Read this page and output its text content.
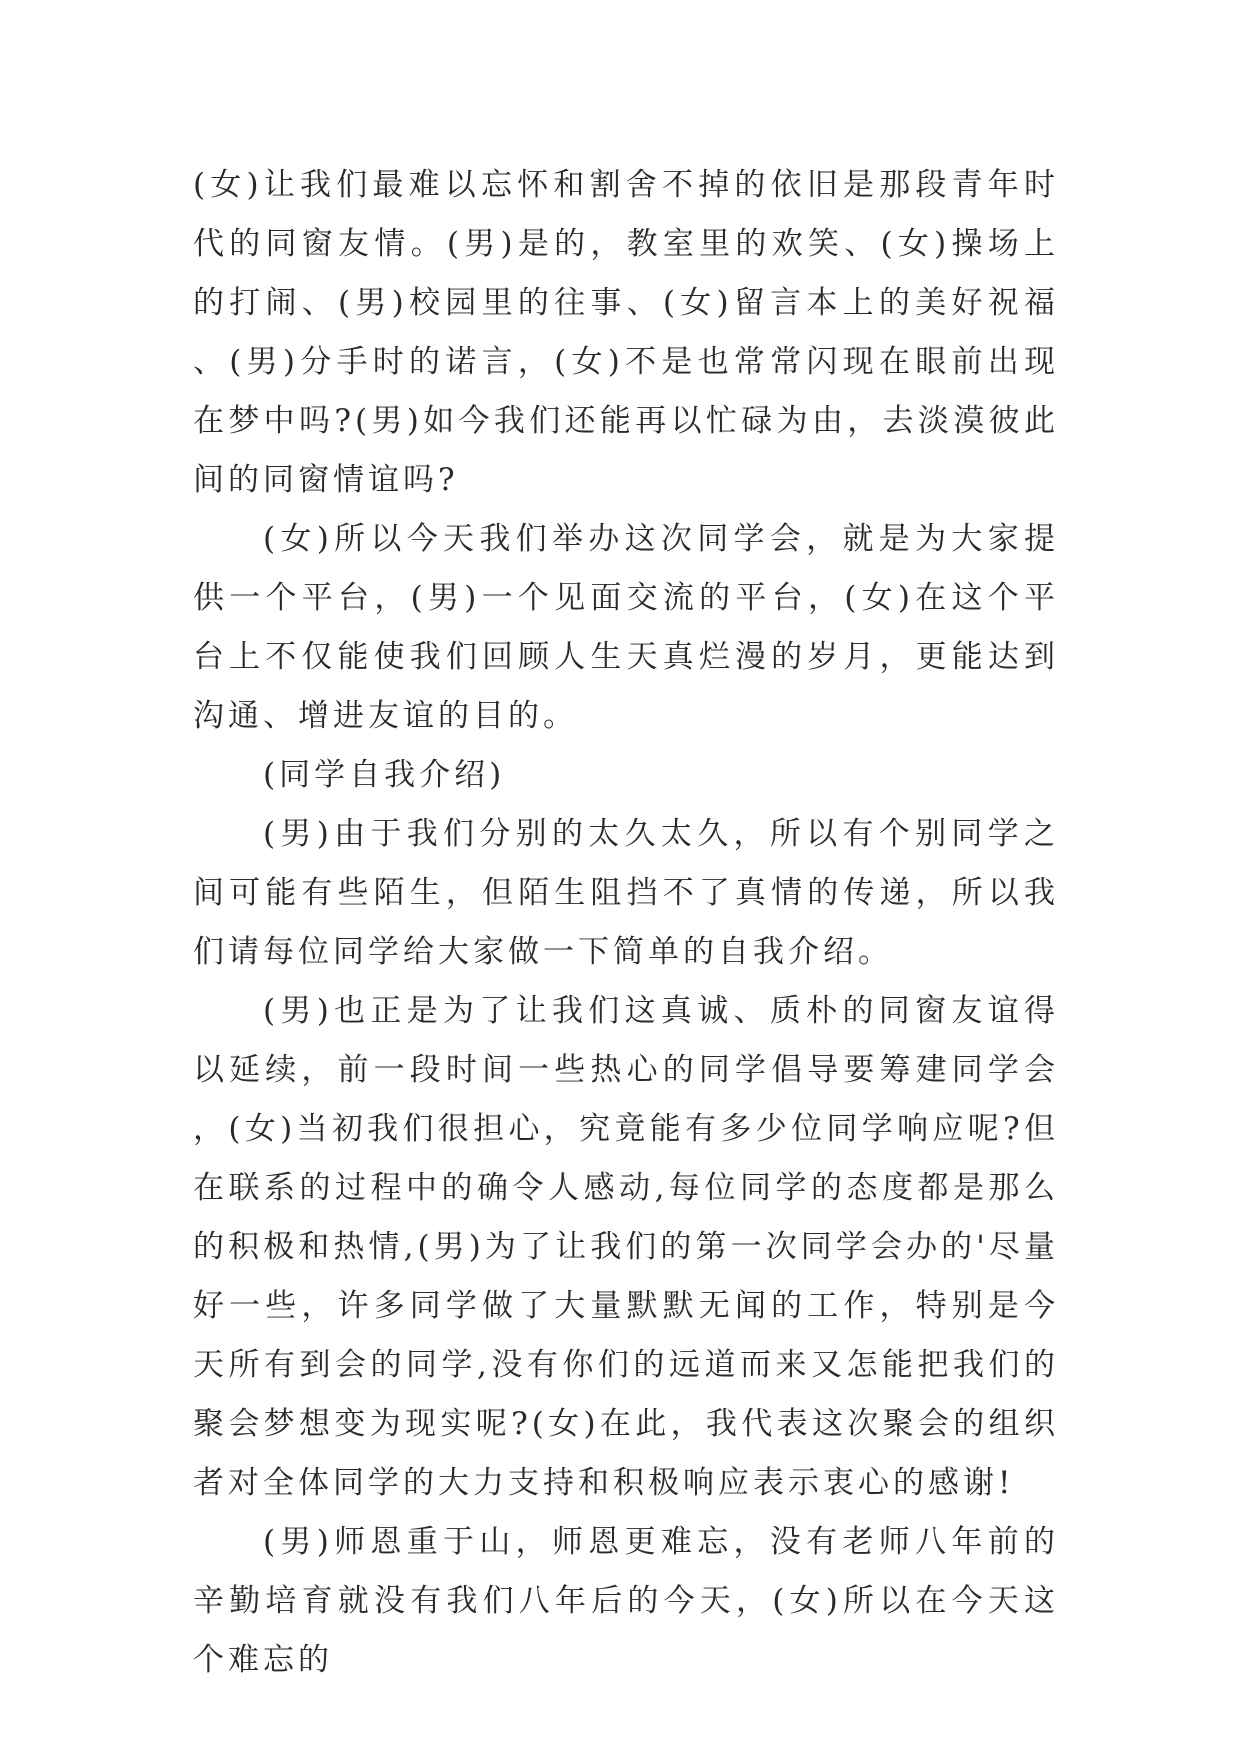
(女)让我们最难以忘怀和割舍不掉的依旧是那段青年时代的同窗友情。(男)是的，教室里的欢笑、(女)操场上的打闹、(男)校园里的往事、(女)留言本上的美好祝福、(男)分手时的诺言，(女)不是也常常闪现在眼前出现在梦中吗?(男)如今我们还能再以忙碌为由，去淡漠彼此间的同窗情谊吗?

(女)所以今天我们举办这次同学会，就是为大家提供一个平台，(男)一个见面交流的平台，(女)在这个平台上不仅能使我们回顾人生天真烂漫的岁月，更能达到沟通、增进友谊的目的。

(同学自我介绍)

(男)由于我们分别的太久太久，所以有个别同学之间可能有些陌生，但陌生阻挡不了真情的传递，所以我们请每位同学给大家做一下简单的自我介绍。

(男)也正是为了让我们这真诚、质朴的同窗友谊得以延续，前一段时间一些热心的同学倡导要筹建同学会，(女)当初我们很担心，究竟能有多少位同学响应呢?但在联系的过程中的确令人感动,每位同学的态度都是那么的积极和热情,(男)为了让我们的第一次同学会办的'尽量好一些，许多同学做了大量默默无闻的工作，特别是今天所有到会的同学,没有你们的远道而来又怎能把我们的聚会梦想变为现实呢?(女)在此，我代表这次聚会的组织者对全体同学的大力支持和积极响应表示衷心的感谢!

(男)师恩重于山，师恩更难忘，没有老师八年前的辛勤培育就没有我们八年后的今天，(女)所以在今天这个难忘的
